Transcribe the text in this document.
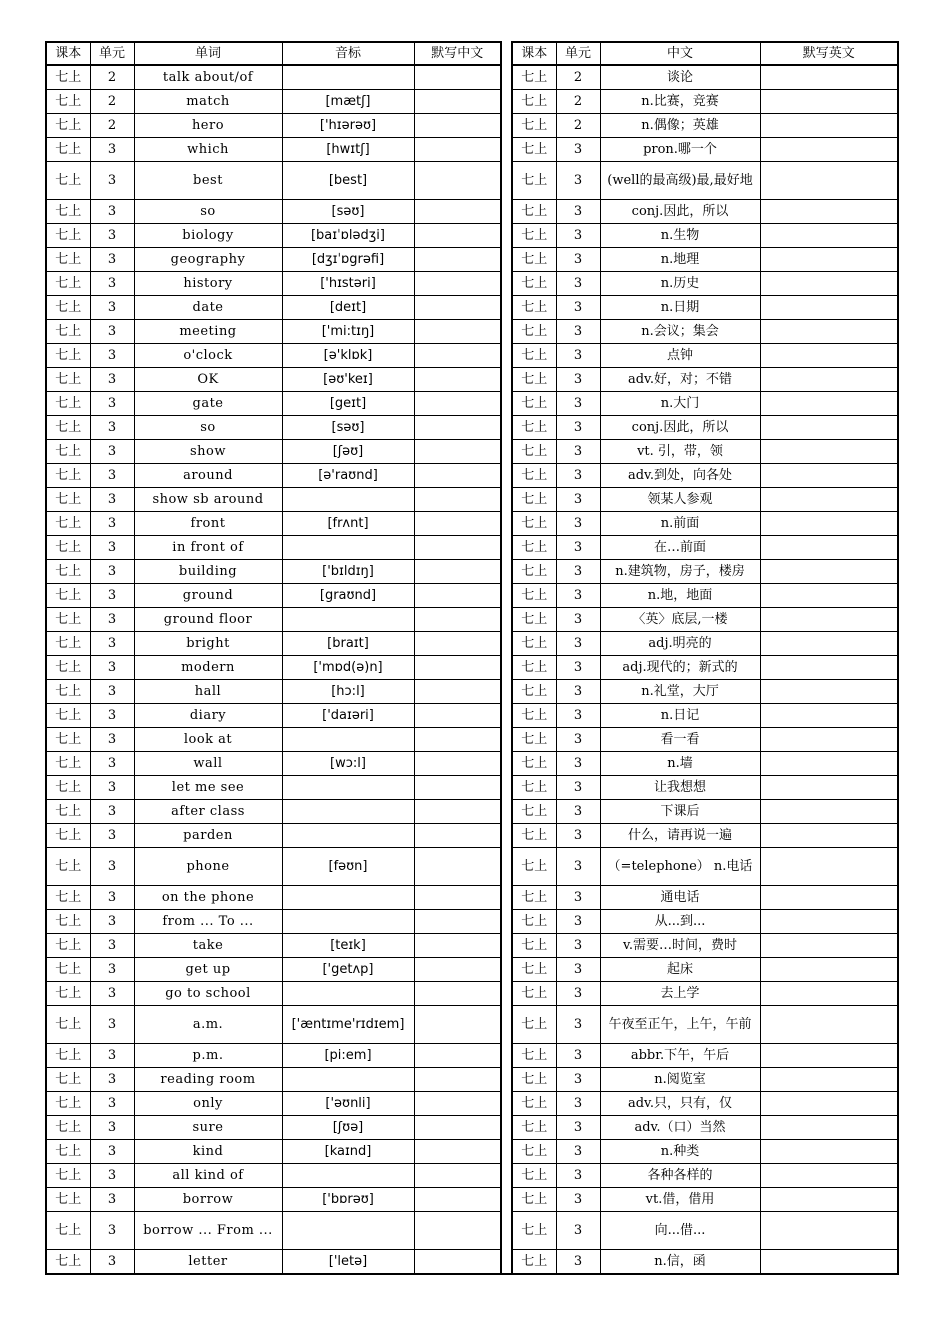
课本	单元	单词	音标	默写中文		课本	单元	中文	默写英文

七上	2	talk about/of				七上	2	谈论	

七上	2	match	[mætʃ]			七上	2	n.比赛，竞赛	

七上	2	hero	['hɪərəʊ]			七上	2	n.偶像；英雄	

七上	3	which	[hwɪtʃ]			七上	3	pron.哪一个	

七上	3	best	[best]			七上	3	(well的最高级)最,最好地	

七上	3	so	[səʊ]			七上	3	conj.因此，所以	

七上	3	biology	[baɪˈɒlədʒi]			七上	3	n.生物	

七上	3	geography	[dʒɪˈɒgrəfi]			七上	3	n.地理	

七上	3	history	['hɪstəri]			七上	3	n.历史	

七上	3	date	[deɪt]			七上	3	n.日期	

七上	3	meeting	['mi:tɪŋ]			七上	3	n.会议；集会	

七上	3	o'clock	[ə'klɒk]			七上	3	点钟	

七上	3	OK	[əʊ'keɪ]			七上	3	adv.好，对；不错	

七上	3	gate	[geɪt]			七上	3	n.大门	

七上	3	so	[səʊ]			七上	3	conj.因此，所以	

七上	3	show	[ʃəʊ]			七上	3	vt. 引，带，领	

七上	3	around	[ə'raʊnd]			七上	3	adv.到处，向各处	

七上	3	show sb around				七上	3	领某人参观	

七上	3	front	[frʌnt]			七上	3	n.前面	

七上	3	in front of				七上	3	在…前面	

七上	3	building	['bɪldɪŋ]			七上	3	n.建筑物，房子，楼房	

七上	3	ground	[graʊnd]			七上	3	n.地，地面	

七上	3	ground floor				七上	3	〈英〉底层,一楼	

七上	3	bright	[braɪt]			七上	3	adj.明亮的	

七上	3	modern	['mɒd(ə)n]			七上	3	adj.现代的；新式的	

七上	3	hall	[hɔ:l]			七上	3	n.礼堂，大厅	

七上	3	diary	['daɪəri]			七上	3	n.日记	

七上	3	look at				七上	3	看一看	

七上	3	wall	[wɔ:l]			七上	3	n.墙	

七上	3	let me see				七上	3	让我想想	

七上	3	after class				七上	3	下课后	

七上	3	parden				七上	3	什么，请再说一遍	

七上	3	phone	[fəʊn]			七上	3	（=telephone） n.电话	

七上	3	on the phone				七上	3	通电话	

七上	3	from ... To ...				七上	3	从...到...	

七上	3	take	[teɪk]			七上	3	v.需要…时间，费时	

七上	3	get up	['getʌp]			七上	3	起床	

七上	3	go to school				七上	3	去上学	

七上	3	a.m.	['æntɪme'rɪdɪem]			七上	3	午夜至正午，上午，午前	

七上	3	p.m.	[pi:em]			七上	3	abbr.下午，午后	

七上	3	reading room				七上	3	n.阅览室	

七上	3	only	['əʊnli]			七上	3	adv.只，只有，仅	

七上	3	sure	[ʃʊə]			七上	3	adv.（口）当然	

七上	3	kind	[kaɪnd]			七上	3	n.种类	

七上	3	all kind of				七上	3	各种各样的	

七上	3	borrow	['bɒrəʊ]			七上	3	vt.借，借用	

七上	3	borrow ... From ...				七上	3	向...借...	

七上	3	letter	['letə]			七上	3	n.信，函	
